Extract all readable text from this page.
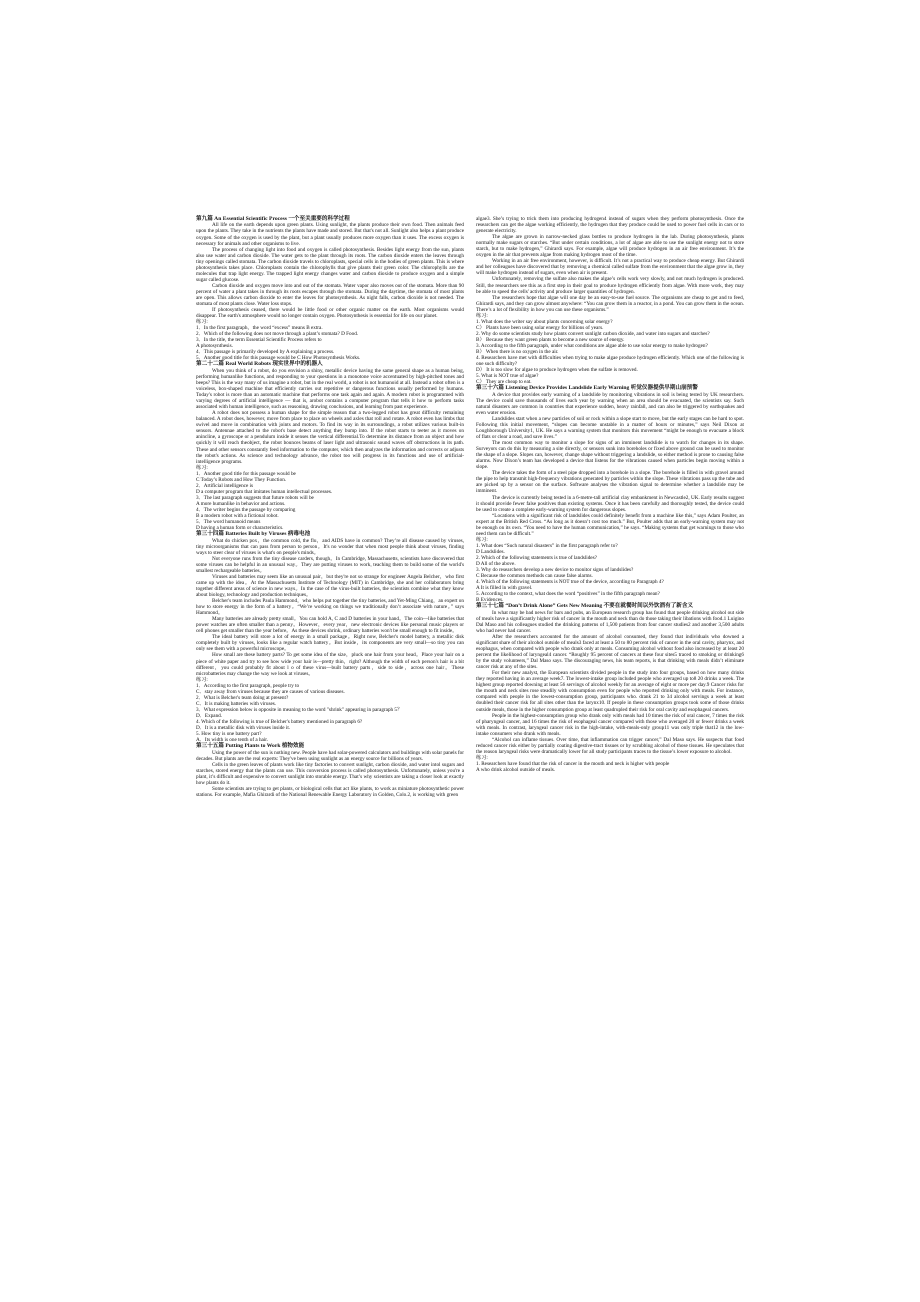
第九篇 An Essential Scientific Process 一个至关重要的科学过程

All life on the earth depends upon green plants. Using sunlight, the plants produce their own food. Then animals feed upon the plants. They take in the nutrients the plants have made and stored. But that's not all. Sunlight also helps a plant produce oxygen. Some of the oxygen is used by the plant, but a plant usually produces more oxygen than it uses. The excess oxygen is necessary for animals and other organisms to live.

The process of changing light into food and oxygen is called photosynthesis. Besides light energy from the sun, plants also use water and carbon dioxide. The water gets to the plant through its roots. The carbon dioxide enters the leaves through tiny openings called stomata. The carbon dioxide travels to chloroplasts, special cells in the bodies of green plants. This is where photosynthesis takes place. Chloroplasts contain the chlorophylls that give plants their green color. The chlorophylls are the molecules that trap light energy. The trapped light energy changes water and carbon dioxide to produce oxygen and a simple sugar called glucose.

Carbon dioxide and oxygen move into and out of the stomata. Water vapor also moves out of the stomata. More than 90 percent of water a plant takes in through its roots escapes through the stomata. During the daytime, the stomata of most plants are open. This allows carbon dioxide to enter the leaves for photosynthesis. As night falls, carbon dioxide is not needed. The stomata of most plants close. Water loss stops.

If photosynthesis ceased, there would be little food or other organic matter on the earth. Most organisms would disappear. The earth's atmosphere would no longer contain oxygen. Photosynthesis is essential for life on our planet.

练习:

1．In the first paragraph，the word “excess” means B extra.

2．Which of the following does not move through a plant’s stomata? D Food.

3．In the title, the term Essential Scientific Process refers to

A photosynthesis.

4．This passage is primarily developed by A explaining a process.

5．Another good title for this passage would be C How Photosynthesis Works.

第二十二篇 Real World Robots 现实世界中的机器人

When you think of a robot, do you envision a shiny, metallic device having the same general shape as a human being, performing humanlike functions, and responding to your questions in a monotone voice accentuated by high-pitched tones and beeps? This is the way many of us imagine a robot, but in the real world, a robot is not humanoid at all. Instead a robot often is a voiceless, box-shaped machine that efficiently carries out repetitive or dangerous functions usually performed by humans. Today's robot is more than an automatic machine that performs one task again and again. A modern robot is programmed with varying degrees of artificial intelligence — that is, arobot contains a computer program that tells it how to perform tasks associated with human intelligence, such as reasoning, drawing conclusions, and learning from past experience.

A robot does not possess a human shape for the simple reason that a two-legged robot has great difficulty remaining balanced. A robot does, however, move from place to place on wheels and axles that roll and rotate. A robot even has limbs that swivel and move in combination with joints and motors. To find its way in its surroundings, a robot utilizes various built-in sensors. Antennae attached to the robot's base detect anything they bump into. If the robot starts to teeter as it moves on anincline, a gyroscope or a pendulum inside it senses the vertical differential.To determine its distance from an object and how quickly it will reach theobject, the robot bounces beams of laser light and ultrasonic sound waves off obstructions in its path. These and other sensors constantly feed information to the computer, which then analyzes the information and corrects or adjusts the robot's actions. As science and technology advance, the robot too will progress in its functions and use of artificial-intelligence programs.

练习:

1．Another good title for this passage would be

C Today’s Robots and How They Function.

2．Artificial intelligence is

D a computer program that imitates human intellectual processes.

3．The last paragraph suggests that future robots will be

A more humanlike in behavior and actions.

4．The writer begins the passage by comparing

B a modern robot with a fictional robot.

5．The word humanoid means

D having a human form or characteristics.

第三十四篇 Batteries Built by Viruses 病毒电池

What do chicken pox，the common cold, the flu，and AIDS have in common? They’re all disease caused by viruses, tiny microorganisms that can pass from person to person。It's no wonder that when most people think about viruses, finding ways to steer clear of viruses is what's on people's minds。

Not everyone runs from the tiny disease carders, though。In Cambridge, Massachusetts, scientists have discovered that some viruses can be helpful in an unusual way。They are putting viruses to work, teaching them to build some of the world's smallest rechargeable batteries。

Viruses and batteries may seem like an unusual pair，but they're not so strange for engineer Angela Belcher，who first came up with the idea。At the Massachusetts Institute of Technology (MIT) in Cambridge, she and her collaborators bring together different areas of science in new ways。In the case of the virus-built batteries, the scientists combine what they know about biology, technology and production techniques。

Belcher's team includes Paula Hammond，who helps put together the tiny batteries, and Yet-Ming Chiang，an expert on how to store energy in the form of a battery。“We’re working on things we traditionally don’t associate with nature。” says Hammond。

Many batteries are already pretty small。You can hold A, C and D batteries in your hand。The coin—like batteries that power watches are often smaller than a penny。However，every year，new electronic devices like personal music players or cell phones get smaller than the year before。As these devices shrink, ordinary batteries won't be small enough to fit inside。

The ideal battery will store a lot of energy in a small package。Right now, Belcher's model battery, a metallic disk completely built by viruses, looks like a regular watch battery。But inside，its components are very small—so tiny you can only see them with a powerful microscope。

How small are these battery parts? To get some idea of the size，pluck one hair from your head。Place your hair on a piece of white paper and try to see how wide your hair is—pretty thin，right? Although the width of each person's hair is a bit different，you could probably fit about l o of these virus—built battery parts，side to side，across one hair。These microbatteries may change the way we look at viruses。

练习:

1．According to the first paragraph, people try to

C．stay away from viruses because they are causes of various diseases.

2．What is Belcher's team doing at present?

C．It is making batteries with viruses.

3．What expression below is opposite in meaning to the word "shrink" appearing in paragraph 5？

D．Expand.

4. Which of the following is true of Belcher's battery mentioned in paragraph 6?

D．It is a metallic disk with viruses inside it.

5. How tiny is one battery part?

A．Its width is one tenth of a hair.

第三十五篇 Putting Plants to Work 植物效能

Using the power of the sun is nothing new. People have had solar-powered calculators and buildings with solar panels for decades. But plants are the real experts: They've been using sunlight as an energy source for billions of years.

Cells in the green leaves of plants work like tiny factories to convert sunlight, carbon dioxide, and water intol sugars and starches, stored energy that the plants can use. This conversion process is called photosynthesis. Unfortunately, unless you're a plant, it’s difficult and expensive to convert sunlight into storable energy. That’s why scientists are taking a closer look at exactly how plants do it.

Some scientists are trying to get plants, or biological cells that act like plants, to work as miniature photosynthetic power stations. For example, Mafia Ghirardi of the National Renewable Energy Laboratory in Golden, Colo.2, is working with green

algae3. She’s trying to trick them into producing hydrogen4 instead of sugars when they perform photosynthesis. Once the researchers can get the algae working efficiently, the hydrogen that they produce could be used to power fuel cells in cars or to generate electricity.

The algae are grown in narrow-necked glass bottles to produce hydrogen in the lab. During photosynthesis, plants normally make sugars or starches. “But under certain conditions, a lot of algae are able to use the sunlight energy not to store starch, but to make hydrogen,” Ghirardi says. For example, algae will produce hydrogen in an air free environment. It’s the oxygen in the air that prevents algae from making hydrogen most of the time.

Working in an air free environment, however, is difficult. It’s not a practical way to produce cheap energy. But Ghirardi and her colleagues have discovered that by removing a chemical called sulfate from the environment that the algae grow in, they will make hydrogen instead of sugars, even when air is present.

Unfortunately, removing the sulfate also makes the algae’s cells work very slowly, and not much hydrogen is produced. Still, the researchers see this as a first step in their goal to produce hydrogen efficiently from algae. With more work, they may be able to speed the cells' activity and produce larger quantities of hydrogen.

The researchers hope that algae will one day be an easy-to-use fuel source. The organisms are cheap to get and to feed, Ghirardi says, and they can grow almost anywhere: “You can grow them in a reactor, in a pond. You can grow them in the ocean. There’s a lot of flexibility in how you can use these organisms.”

练习:

1. What does the writer say about plants concerning solar energy?

C） Plants have been using solar energy for billions of years.

2. Why do some scientists study how plants convert sunlight carbon dioxide, and water into sugars and starches?

B） Because they want green plants to become a new source of energy.

3. According to the fifth paragraph, under what conditions are algae able to use solar energy to make hydrogen?

B） When there is no oxygen in the air.

4. Researchers have met with difficulties when trying to make algae produce hydrogen efficiently. Which one of the following is one such difficulty?

D） It is too slow for algae to produce hydrogen when the sulfate is removed.

5. What is NOT true of algae?

C） They are cheap to eat.

第三十六篇 Listening Device Provides Landslide Early Warning 听觉仪器提供早期山崩预警

A device that provides early warning of a landslide by monitoring vibrations in soil is being tested by UK researchers. The device could save thousands of lives each year by warning when an area should be evacuated, the scientists say. Such natural disasters are common in countries that experience sudden, heavy rainfall, and can also be triggered by earthquakes and even water erosion.

Landslides start when a new particles of soil or rock within a slope start to move, but the early stages can be hard to spot. Following this initial movement, “slopes can become unstable in a matter of hours or minutes,” says Neil Dixon at Loughborough University1, UK. He says a warning system that monitors this movement “might be enough to evacuate a block of flats or clear a road, and save lives.”

The most common way to monitor a slope for signs of an imminent landslide is to watch for changes in its shape. Surveyors can do this by measuring a site directly, or sensors sunk into boreholes or fixed above ground can be used to monitor the shape of a slope. Slopes can, however, change shape without triggering a landslide, so either method is prone to causing false alarms. Now Dixon’s team has developed a device that listens for the vibrations caused when particles begin moving within a slope.

The device takes the form of a steel pipe dropped into a borehole in a slope. The borehole is filled in with gravel around the pipe to help transmit high-frequency vibrations generated by particles within the slope. These vibrations pass up the tube and are picked up by a sensor on the surface. Software analyses the vibration signal to determine whether a landslide may be imminent.

The device is currently being tested in a 6-metre-tall artificial clay embankment in Newcastle2, UK. Early results suggest it should provide fewer false positives than existing systems. Once it has been carefully and thoroughly tested, the device could be used to create a complete early-warning system for dangerous slopes.

“Locations with a significant risk of landslides could definitely benefit from a machine like this,” says Adam Poulter, an expert at the British Red Cross. “As long as it doesn’t cost too much.” But, Poulter adds that an early-warning system may not be enough on its own. “You need to have the human communication,” he says. “Making systems that get warnings to those who need them can be difficult.”

练习:

1. What does “Such natural disasters” in the first paragraph refer to?

D Landslides.

2. Which of the following statements is true of landslides?

D All of the above.

3. Why do researchers develop a new device to monitor signs of landslides?

C Because the common methods can cause false alarms.

4. Which of the following statements is NOT true of the device, according to Paragraph 4?

A It is filled in with gravel.

5. According to the context, what does the word “positives” in the fifth paragraph mean?

B Evidences.

第三十七篇 “Don’t Drink Alone” Gets New Meaning 不要在就餐时间以外饮酒有了新含义

In what may be bad news for bars and pubs, an European research group has found that people drinking alcohol out side of meals have a significantly higher risk of cancer in the mouth and neck than do those taking their libations with food.1 Luigino Dal Maso and his colleagues studied the drinking patterns of 1,500 patients from four cancer studies2 and another 3,500 adults who had never had cancer.

After the researchers accounted for the amount of alcohol consumed, they found that individuals who downed a significant share of their alcohol outside of meals3 faced at least a 50 to 80 percent risk of cancer in the oral cavity, pharynx, and esophagus, when compared with people who drank only at meals. Consuming alcohol without food also increased by at least 20 percent the likelihood of laryngeal4 cancer. “Roughly 95 percent of cancers at these four sites5 traced to smoking or drinking6 by the study volunteers,” Dal Maso says. The discouraging news, his team reports, is that drinking with meals didn’t eliminate cancer risk at any of the sites.

For their new analyst, the European scientists divided people in the study into four groups, based on how many drinks they reported having in an average week7. The lowest-intake group included people who averaged up to8 20 drinks a week. The highest group reported downing at least 56 servings of alcohol weekly for an average of eight or more per day.9 Cancer risks for the mouth and neck sites rose steadily with consumption even for people who reported drinking only with meals. For instance, compared with people in the lowest-consumption group, participants who. drank 21 to 34 alcohol servings a week at least doubled their cancer risk for all sites other than the larynx10. If people in these consumption groups took some of those drinks outside meals, those in the higher consumption group at least quadrupled their risk for oral cavity and esophageal cancers.

People in the highest-consumption group who drank only with meals had 10 times the risk of oral cancer, 7 times the risk of pharyngeal cancer, and 16 times the risk of esophageal cancer compared with those who averaged 20 or fewer drinks a week with meals. In contrast, laryngeal cancer risk in the high-intake, with-meals-only group11 was only triple that12 in the low-intake consumers who drank with meals.

“Alcohol can inflame tissues. Over time, that inflammation can trigger cancer,” Dal Maso says. He suspects that food reduced cancer risk either by partially coating digestive-tract tissues or by scrubbing alcohol of those tissues. He speculates that the reason laryngeal risks were dramatically lower for all study participants traces to the tissue’s lower exposure to alcohol.

练习:

1. Researchers have found that the risk of cancer in the mouth and neck is higher with people

A who drink alcohol outside of meals.
